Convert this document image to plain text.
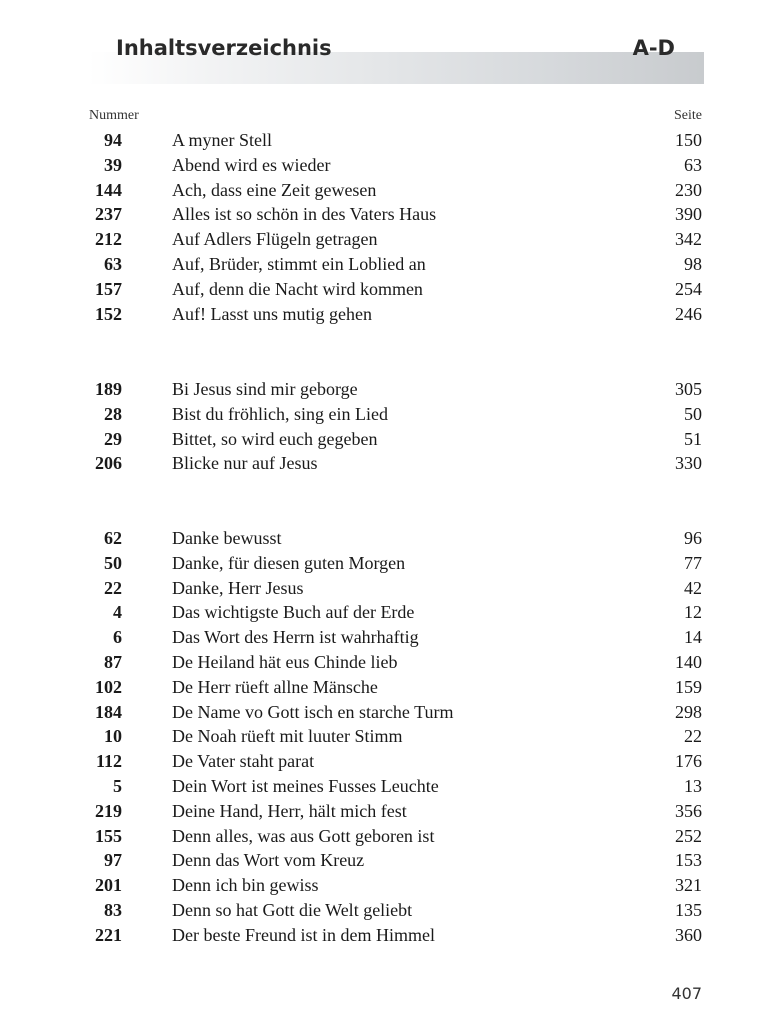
Inhaltsverzeichnis	A-D
Nummer	Seite
94	A myner Stell	150
39	Abend wird es wieder	63
144	Ach, dass eine Zeit gewesen	230
237	Alles ist so schön in des Vaters Haus	390
212	Auf Adlers Flügeln getragen	342
63	Auf, Brüder, stimmt ein Loblied an	98
157	Auf, denn die Nacht wird kommen	254
152	Auf! Lasst uns mutig gehen	246
189	Bi Jesus sind mir geborge	305
28	Bist du fröhlich, sing ein Lied	50
29	Bittet, so wird euch gegeben	51
206	Blicke nur auf Jesus	330
62	Danke bewusst	96
50	Danke, für diesen guten Morgen	77
22	Danke, Herr Jesus	42
4	Das wichtigste Buch auf der Erde	12
6	Das Wort des Herrn ist wahrhaftig	14
87	De Heiland hät eus Chinde lieb	140
102	De Herr rüeft allne Mänsche	159
184	De Name vo Gott isch en starche Turm	298
10	De Noah rüeft mit luuter Stimm	22
112	De Vater staht parat	176
5	Dein Wort ist meines Fusses Leuchte	13
219	Deine Hand, Herr, hält mich fest	356
155	Denn alles, was aus Gott geboren ist	252
97	Denn das Wort vom Kreuz	153
201	Denn ich bin gewiss	321
83	Denn so hat Gott die Welt geliebt	135
221	Der beste Freund ist in dem Himmel	360
407
